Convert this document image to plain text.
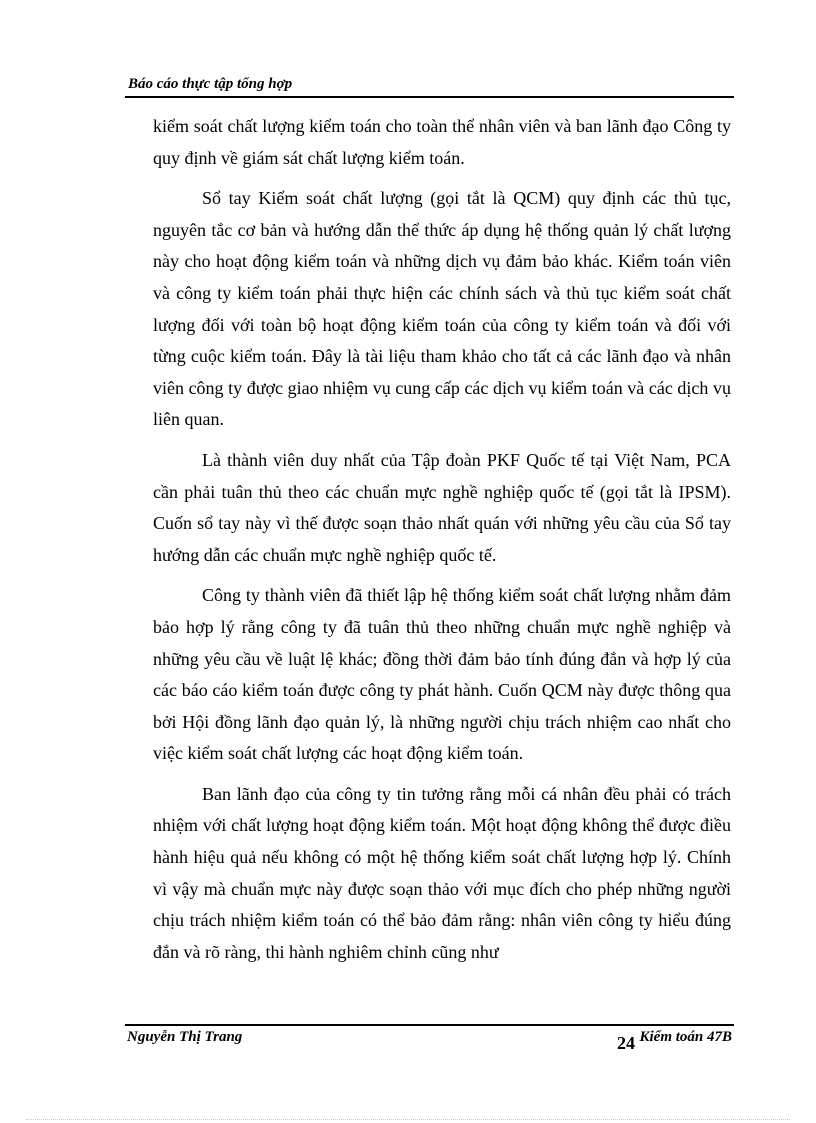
Báo cáo thực tập tổng hợp

kiểm soát chất lượng kiểm toán cho toàn thể nhân viên và ban lãnh đạo Công ty quy định về giám sát chất lượng kiểm toán.

Sổ tay Kiểm soát chất lượng (gọi tắt là QCM) quy định các thủ tục, nguyên tắc cơ bản và hướng dẫn thể thức áp dụng hệ thống quản lý chất lượng này cho hoạt động kiểm toán và những dịch vụ đảm bảo khác. Kiểm toán viên và công ty kiểm toán phải thực hiện các chính sách và thủ tục kiểm soát chất lượng đối với toàn bộ hoạt động kiểm toán của công ty kiểm toán và đối với từng cuộc kiểm toán. Đây là tài liệu tham khảo cho tất cả các lãnh đạo và nhân viên công ty được giao nhiệm vụ cung cấp các dịch vụ kiểm toán và các dịch vụ liên quan.

Là thành viên duy nhất của Tập đoàn PKF Quốc tế tại Việt Nam, PCA cần phải tuân thủ theo các chuẩn mực nghề nghiệp quốc tế (gọi tắt là IPSM). Cuốn sổ tay này vì thế được soạn thảo nhất quán với những yêu cầu của Sổ tay hướng dẫn các chuẩn mực nghề nghiệp quốc tế.

Công ty thành viên đã thiết lập hệ thống kiểm soát chất lượng nhằm đảm bảo hợp lý rằng công ty đã tuân thủ theo những chuẩn mực nghề nghiệp và những yêu cầu về luật lệ khác; đồng thời đảm bảo tính đúng đắn và hợp lý của các báo cáo kiểm toán được công ty phát hành. Cuốn QCM này được thông qua bởi Hội đồng lãnh đạo quản lý, là những người chịu trách nhiệm cao nhất cho việc kiểm soát chất lượng các hoạt động kiểm toán.

Ban lãnh đạo của công ty tin tưởng rằng mỗi cá nhân đều phải có trách nhiệm với chất lượng hoạt động kiểm toán. Một hoạt động không thể được điều hành hiệu quả nếu không có một hệ thống kiểm soát chất lượng hợp lý. Chính vì vậy mà chuẩn mực này được soạn thảo với mục đích cho phép những người chịu trách nhiệm kiểm toán có thể bảo đảm rằng: nhân viên công ty hiểu đúng đắn và rõ ràng, thi hành nghiêm chỉnh cũng như

Nguyễn Thị Trang	24 Kiểm toán 47B
